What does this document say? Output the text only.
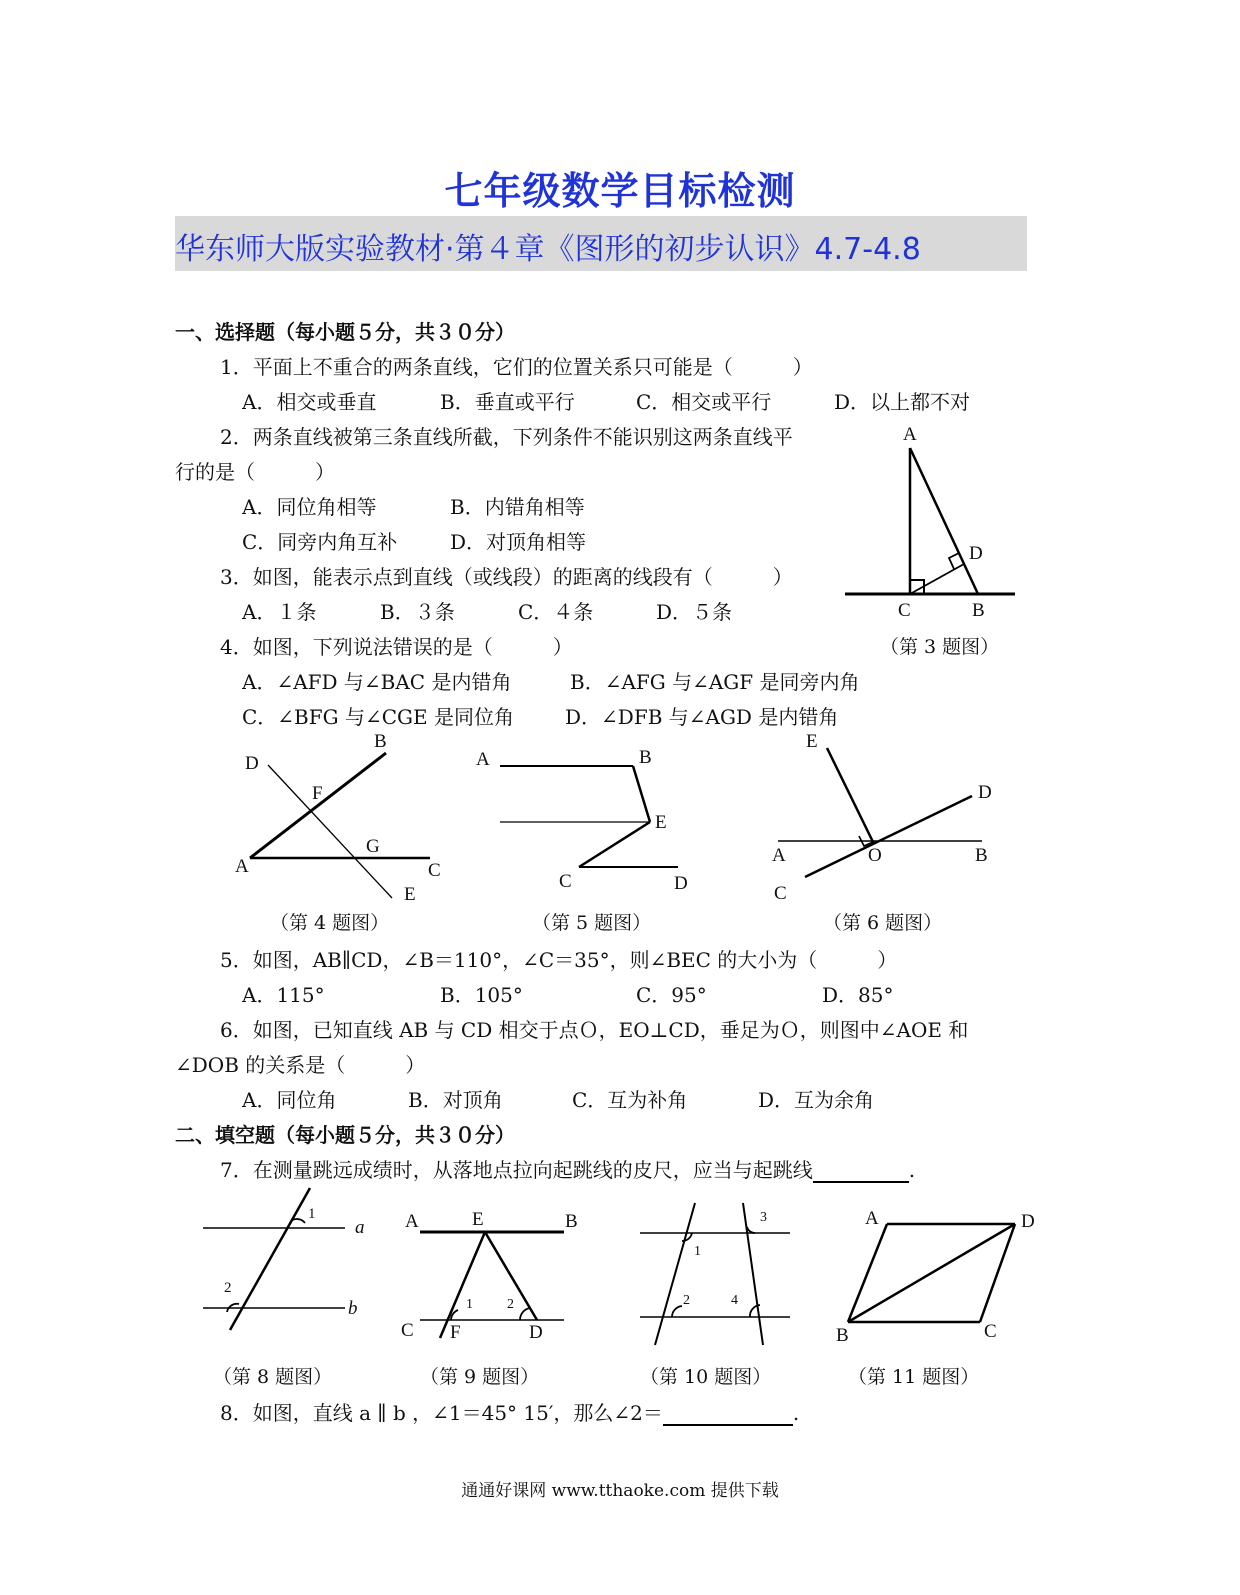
七年级数学目标检测
华东师大版实验教材·第４章《图形的初步认识》4.7-4.8
一、选择题（每小题５分，共３０分）
1．平面上不重合的两条直线，它们的位置关系只可能是（　　　）
A．相交或垂直	B．垂直或平行	C．相交或平行	D．以上都不对
2．两条直线被第三条直线所截，下列条件不能识别这两条直线平
行的是（　　　）
A．同位角相等	B．内错角相等
C．同旁内角互补	D．对顶角相等
3．如图，能表示点到直线（或线段）的距离的线段有（　　　）
A．１条	B．３条	C．４条	D．５条
A
D
C	B
（第 3 题图）
4．如图，下列说法错误的是（　　　）
A．∠AFD 与∠BAC 是内错角	B．∠AFG 与∠AGF 是同旁内角
C．∠BFG 与∠CGE 是同位角	D．∠DFB 与∠AGD 是内错角
D
B
F
G
A	C
E
（第 4 题图）
A	B
E
C	D
（第 5 题图）
E
D
A	O	B
C
（第 6 题图）
5．如图，AB∥CD，∠B＝110°，∠C＝35°，则∠BEC 的大小为（　　　）
A．115°	B．105°	C．95°	D．85°
6．如图，已知直线 AB 与 CD 相交于点Ｏ，EO⊥CD，垂足为Ｏ，则图中∠AOE 和
∠DOB 的关系是（　　　）
A．同位角	B．对顶角	C．互为补角	D．互为余角
二、填空题（每小题５分，共３０分）
7．在测量跳远成绩时，从落地点拉向起跳线的皮尺，应当与起跳线	.
1
a
2
b
（第 8 题图）
A	E	B
1 2
C F	D
（第 9 题图）
1
2
3
4
（第 10 题图）
A	D
B	C
（第 11 题图）
8．如图，直线 a ∥ b ，∠1＝45° 15′，那么∠2＝	.
通通好课网 www.tthaoke.com 提供下载
